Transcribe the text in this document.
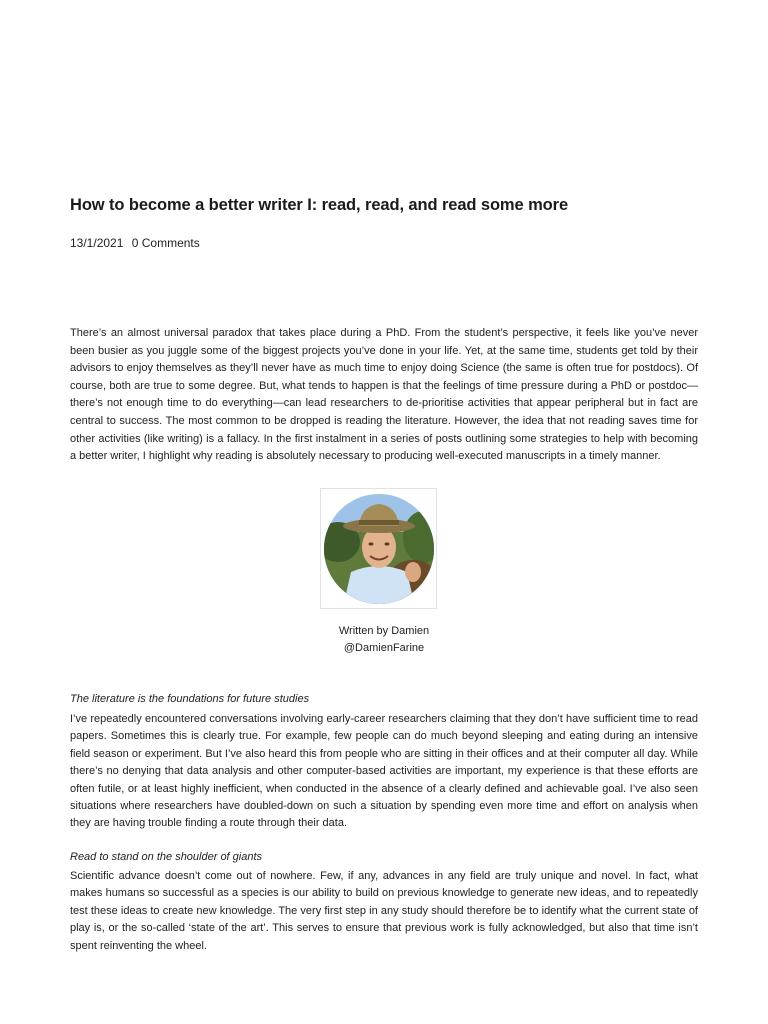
How to become a better writer I: read, read, and read some more
13/1/2021 0 Comments

There’s an almost universal paradox that takes place during a PhD. From the student’s perspective, it feels like you’ve never been busier as you juggle some of the biggest projects you’ve done in your life. Yet, at the same time, students get told by their advisors to enjoy themselves as they’ll never have as much time to enjoy doing Science (the same is often true for postdocs). Of course, both are true to some degree. But, what tends to happen is that the feelings of time pressure during a PhD or postdoc—there’s not enough time to do everything—can lead researchers to de-prioritise activities that appear peripheral but in fact are central to success. The most common to be dropped is reading the literature. However, the idea that not reading saves time for other activities (like writing) is a fallacy. In the first instalment in a series of posts outlining some strategies to help with becoming a better writer, I highlight why reading is absolutely necessary to producing well-executed manuscripts in a timely manner.

Written by Damien
@DamienFarine

The literature is the foundations for future studies

I’ve repeatedly encountered conversations involving early-career researchers claiming that they don’t have sufficient time to read papers. Sometimes this is clearly true. For example, few people can do much beyond sleeping and eating during an intensive field season or experiment. But I’ve also heard this from people who are sitting in their offices and at their computer all day. While there’s no denying that data analysis and other computer-based activities are important, my experience is that these efforts are often futile, or at least highly inefficient, when conducted in the absence of a clearly defined and achievable goal. I’ve also seen situations where researchers have doubled-down on such a situation by spending even more time and effort on analysis when they are having trouble finding a route through their data.

Read to stand on the shoulder of giants

Scientific advance doesn’t come out of nowhere. Few, if any, advances in any field are truly unique and novel. In fact, what makes humans so successful as a species is our ability to build on previous knowledge to generate new ideas, and to repeatedly test these ideas to create new knowledge. The very first step in any study should therefore be to identify what the current state of play is, or the so-called ‘state of the art’. This serves to ensure that previous work is fully acknowledged, but also that time isn’t spent reinventing the wheel.
